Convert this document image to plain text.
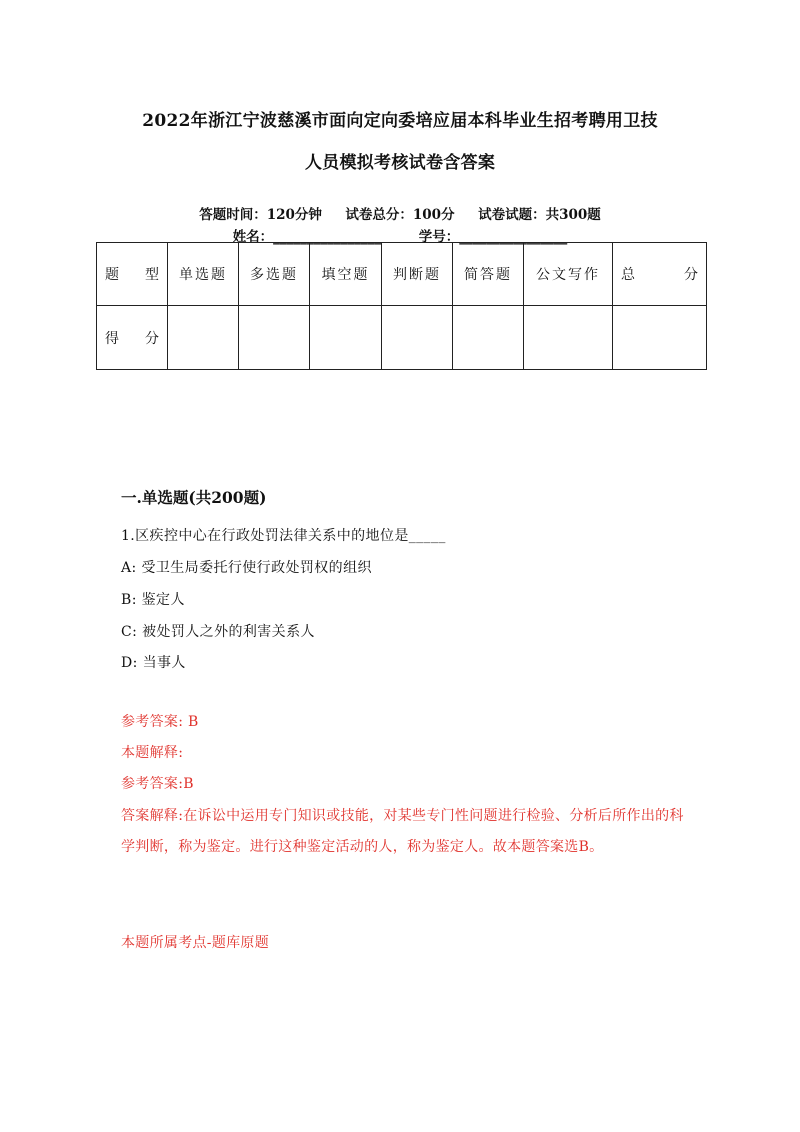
2022年浙江宁波慈溪市面向定向委培应届本科毕业生招考聘用卫技
人员模拟考核试卷含答案
答题时间：120分钟     试卷总分：100分     试卷试题：共300题
姓名：________________        学号：________________
题 型	单选题	多选题	填空题	判断题	简答题	公文写作	总 分
得 分							
一.单选题(共200题)
1.区疾控中心在行政处罚法律关系中的地位是_____
A: 受卫生局委托行使行政处罚权的组织
B: 鉴定人
C: 被处罚人之外的利害关系人
D: 当事人
参考答案: B
本题解释:
参考答案:B
答案解释:在诉讼中运用专门知识或技能，对某些专门性问题进行检验、分析后所作出的科学判断，称为鉴定。进行这种鉴定活动的人，称为鉴定人。故本题答案选B。
本题所属考点-题库原题
